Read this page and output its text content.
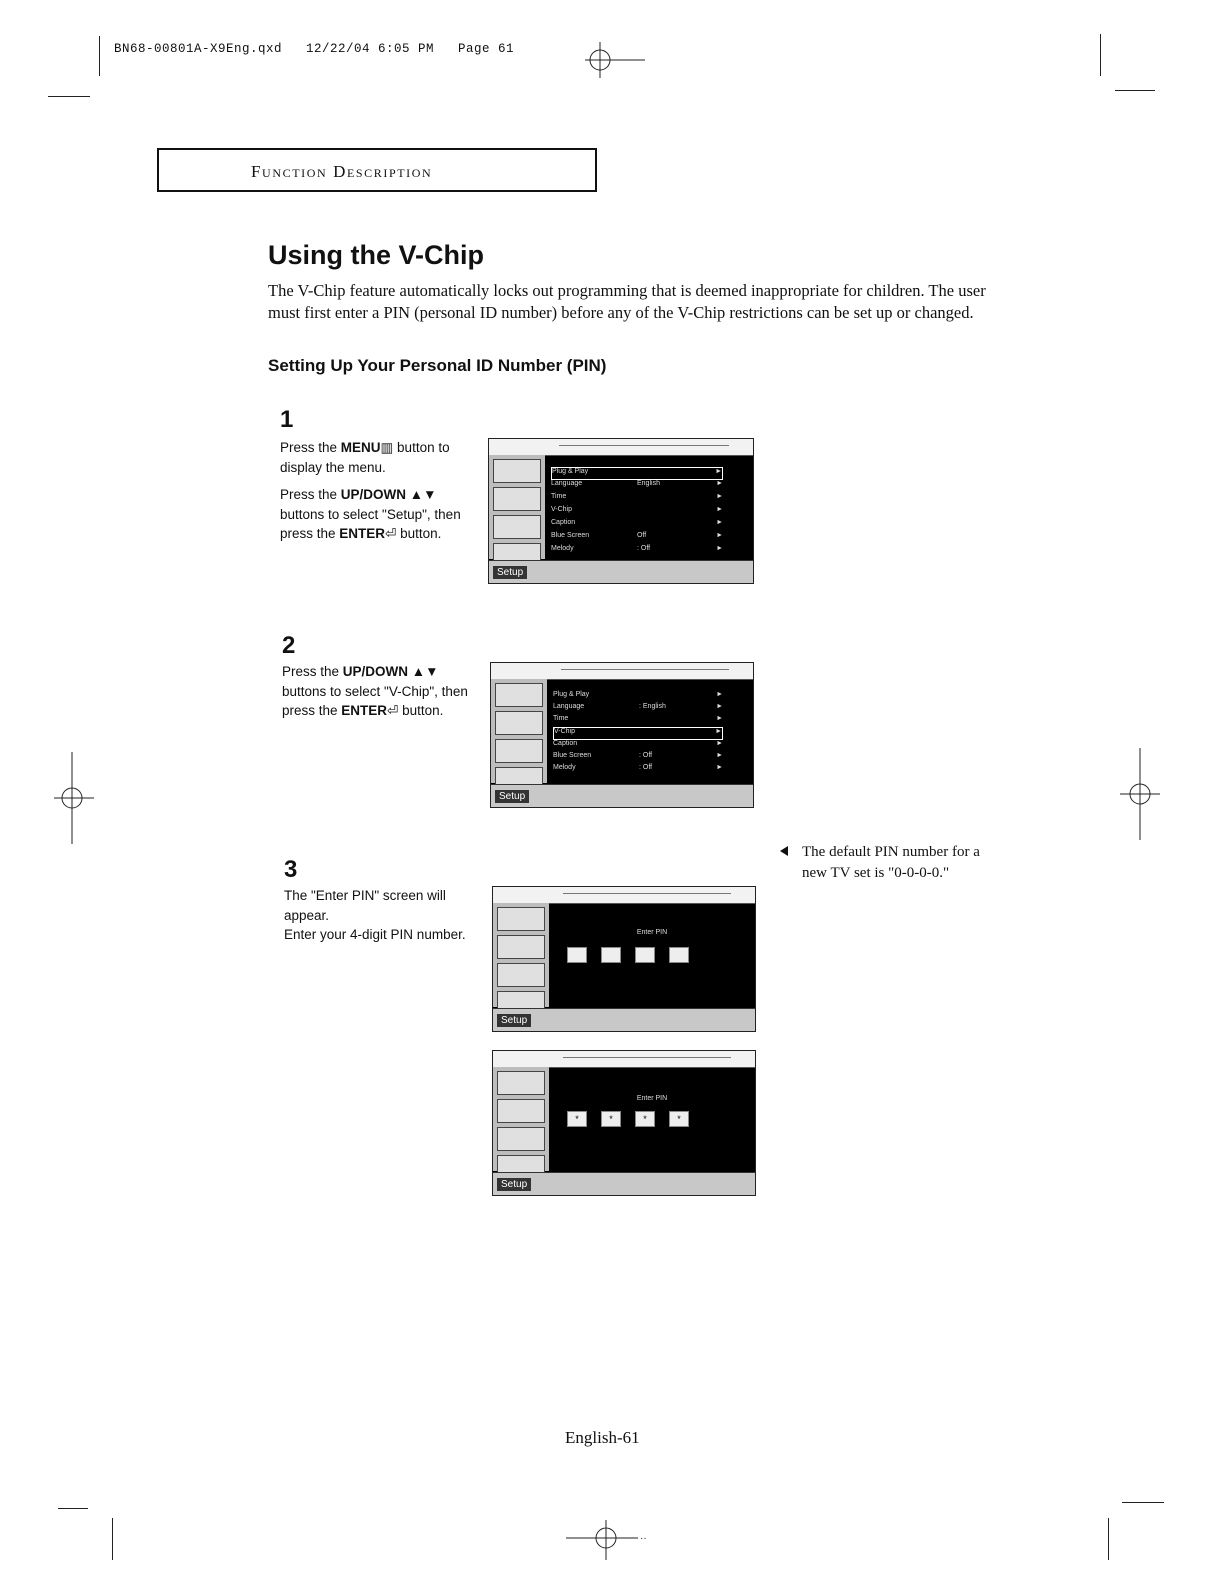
··
BN68-00801A-X9Eng.qxd   12/22/04 6:05 PM   Page 61
Function Description
Using the V-Chip
The V-Chip feature automatically locks out programming that is deemed inappropriate for children. The user must first enter a PIN (personal ID number) before any of the V-Chip restrictions can be set up or changed.
Setting Up Your Personal ID Number (PIN)
1

Press the MENU▥ button to display the menu.

Press the UP/DOWN ▲▼ buttons to select "Setup", then press the ENTER⏎ button.

Plug & Play	►
Language	English	►
Time	►
V-Chip	►
Caption	►
Blue Screen	Off	►
Melody	: Off	►
Setup
2

Press the UP/DOWN ▲▼ buttons to select "V-Chip", then press the ENTER⏎ button.

Plug & Play	►
Language	: English	►
Time	►
V-Chip	►
Caption	►
Blue Screen	: Off	►
Melody	: Off	►
Setup
3

The "Enter PIN" screen will appear.

Enter your 4-digit PIN number.	Enter PIN
Setup
Enter PIN
*	*	*	*
Setup
The default PIN number for a new TV set is "0-0-0-0."
English-61
